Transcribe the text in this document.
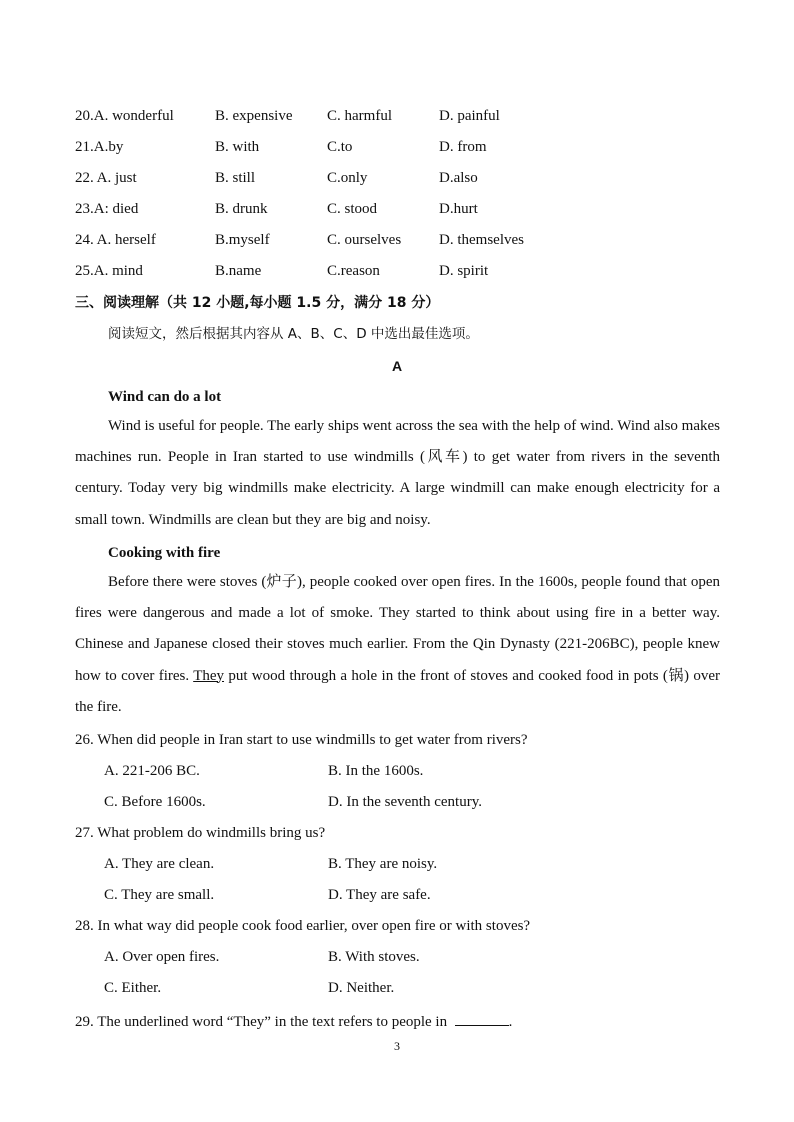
20.A. wonderful	B. expensive C. harmful	D. painful
21.A.by	B. with	C.to	D. from
22. A. just	B. still	C.only	D.also
23.A: died	B. drunk	C. stood	D.hurt
24. A. herself	B.myself	C. ourselves	D. themselves
25.A. mind	B.name	C.reason	D. spirit
三、阅读理解（共 12 小题,每小题 1.5 分，满分 18 分）
阅读短文，然后根据其内容从 A、B、C、D 中选出最佳选项。
A
Wind can do a lot

Wind is useful for people. The early ships went across the sea with the help of wind. Wind also makes machines run. People in Iran started to use windmills (风车) to get water from rivers in the seventh century. Today very big windmills make electricity. A large windmill can make enough electricity for a small town. Windmills are clean but they are big and noisy.

Cooking with fire

Before there were stoves (炉子), people cooked over open fires. In the 1600s, people found that open fires were dangerous and made a lot of smoke. They started to think about using fire in a better way. Chinese and Japanese closed their stoves much earlier. From the Qin Dynasty (221-206BC), people knew how to cover fires. They put wood through a hole in the front of stoves and cooked food in pots (锅) over the fire.

26. When did people in Iran start to use windmills to get water from rivers?
A. 221-206 BC.	B. In the 1600s.
C. Before 1600s.	D. In the seventh century.
27. What problem do windmills bring us?
A. They are clean.	B. They are noisy.
C. They are small.	D. They are safe.
28. In what way did people cook food earlier, over open fire or with stoves?
A. Over open fires.	B. With stoves.
C. Either.	D. Neither.
29. The underlined word “They” in the text refers to people in	.
3
